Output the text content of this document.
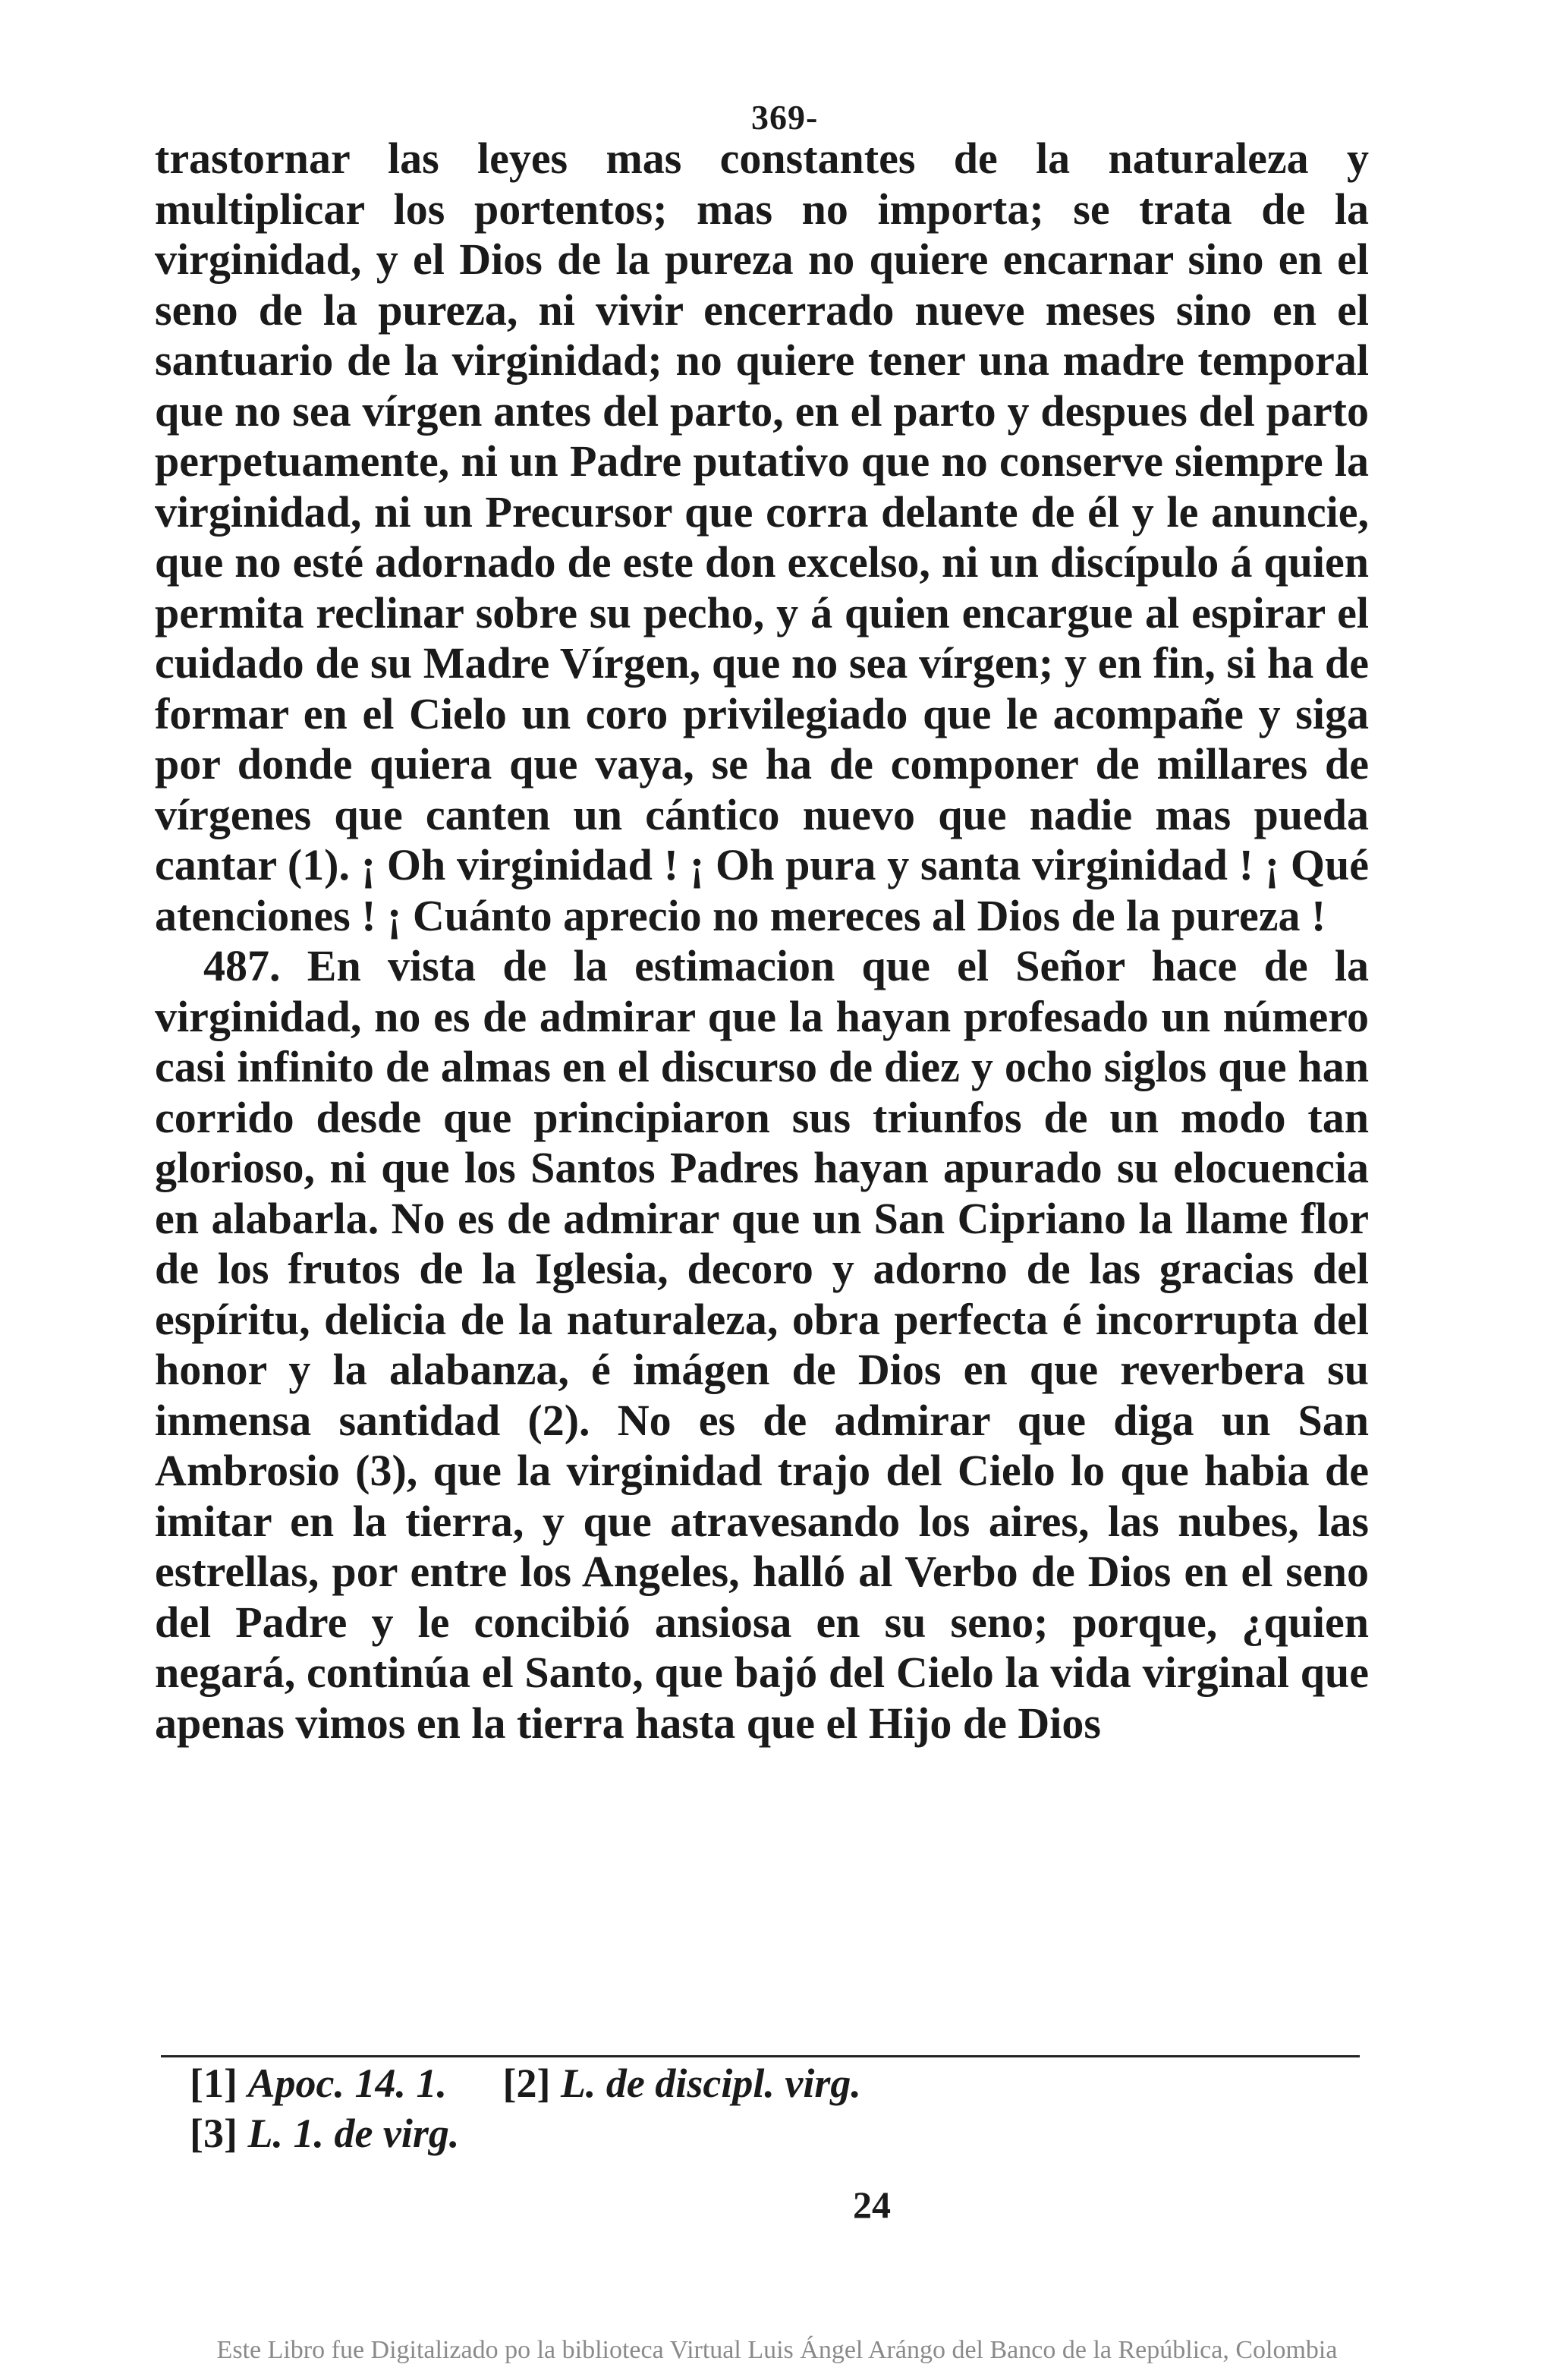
369-

trastornar las leyes mas constantes de la naturaleza y multiplicar los portentos; mas no importa; se trata de la virginidad, y el Dios de la pureza no quiere encarnar sino en el seno de la pureza, ni vivir encerrado nueve meses sino en el santuario de la virginidad; no quiere tener una madre temporal que no sea vírgen antes del parto, en el parto y despues del parto perpetuamente, ni un Padre putativo que no conserve siempre la virginidad, ni un Precursor que corra delante de él y le anuncie, que no esté adornado de este don excelso, ni un discípulo á quien permita reclinar sobre su pecho, y á quien encargue al espirar el cuidado de su Madre Vírgen, que no sea vírgen; y en fin, si ha de formar en el Cielo un coro privilegiado que le acompañe y siga por donde quiera que vaya, se ha de componer de millares de vírgenes que canten un cántico nuevo que nadie mas pueda cantar (1). ¡ Oh virginidad ! ¡ Oh pura y santa virginidad ! ¡ Qué atenciones ! ¡ Cuánto aprecio no mereces al Dios de la pureza !

487. En vista de la estimacion que el Señor hace de la virginidad, no es de admirar que la hayan profesado un número casi infinito de almas en el discurso de diez y ocho siglos que han corrido desde que principiaron sus triunfos de un modo tan glorioso, ni que los Santos Padres hayan apurado su elocuencia en alabarla. No es de admirar que un San Cipriano la llame flor de los frutos de la Iglesia, decoro y adorno de las gracias del espíritu, delicia de la naturaleza, obra perfecta é incorrupta del honor y la alabanza, é imágen de Dios en que reverbera su inmensa santidad (2). No es de admirar que diga un San Ambrosio (3), que la virginidad trajo del Cielo lo que habia de imitar en la tierra, y que atravesando los aires, las nubes, las estrellas, por entre los Angeles, halló al Verbo de Dios en el seno del Padre y le concibió ansiosa en su seno; porque, ¿quien negará, continúa el Santo, que bajó del Cielo la vida virginal que apenas vimos en la tierra hasta que el Hijo de Dios

[1] Apoc. 14. 1. [2] L. de discipl. virg.
[3] L. 1. de virg.
24
Este Libro fue Digitalizado po la biblioteca Virtual Luis Ángel Arángo del Banco de la República, Colombia
